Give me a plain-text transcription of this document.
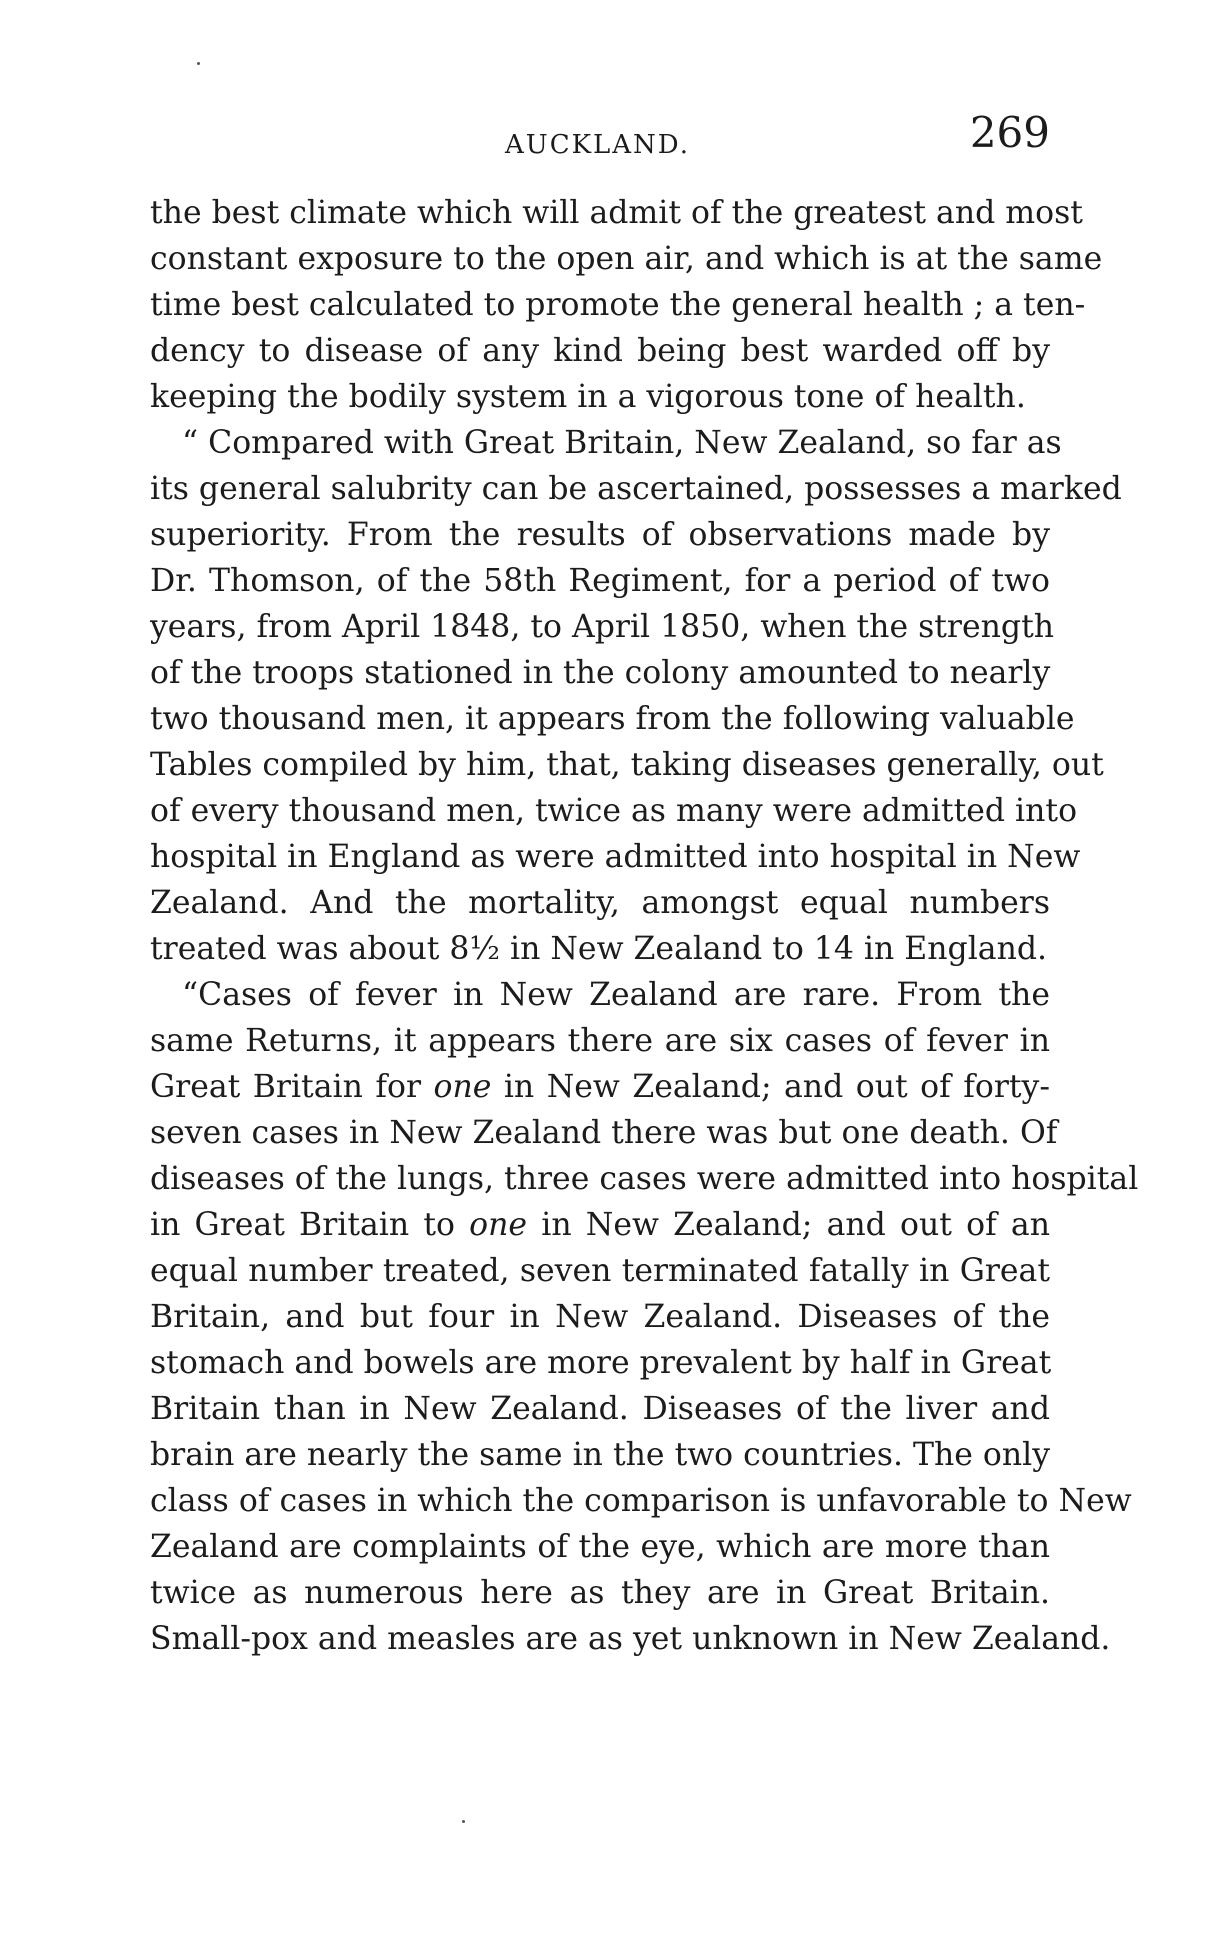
AUCKLAND.	269
the best climate which will admit of the greatest and most
constant exposure to the open air, and which is at the same
time best calculated to promote the general health ; a ten-
dency to disease of any kind being best warded off by
keeping the bodily system in a vigorous tone of health.
“ Compared with Great Britain, New Zealand, so far as
its general salubrity can be ascertained, possesses a marked
superiority. From the results of observations made by
Dr. Thomson, of the 58th Regiment, for a period of two
years, from April 1848, to April 1850, when the strength
of the troops stationed in the colony amounted to nearly
two thousand men, it appears from the following valuable
Tables compiled by him, that, taking diseases generally, out
of every thousand men, twice as many were admitted into
hospital in England as were admitted into hospital in New
Zealand. And the mortality, amongst equal numbers
treated was about 8½ in New Zealand to 14 in England.
“Cases of fever in New Zealand are rare. From the
same Returns, it appears there are six cases of fever in
Great Britain for one in New Zealand; and out of forty-
seven cases in New Zealand there was but one death. Of
diseases of the lungs, three cases were admitted into hospital
in Great Britain to one in New Zealand; and out of an
equal number treated, seven terminated fatally in Great
Britain, and but four in New Zealand. Diseases of the
stomach and bowels are more prevalent by half in Great
Britain than in New Zealand. Diseases of the liver and
brain are nearly the same in the two countries. The only
class of cases in which the comparison is unfavorable to New
Zealand are complaints of the eye, which are more than
twice as numerous here as they are in Great Britain.
Small-pox and measles are as yet unknown in New Zealand.
